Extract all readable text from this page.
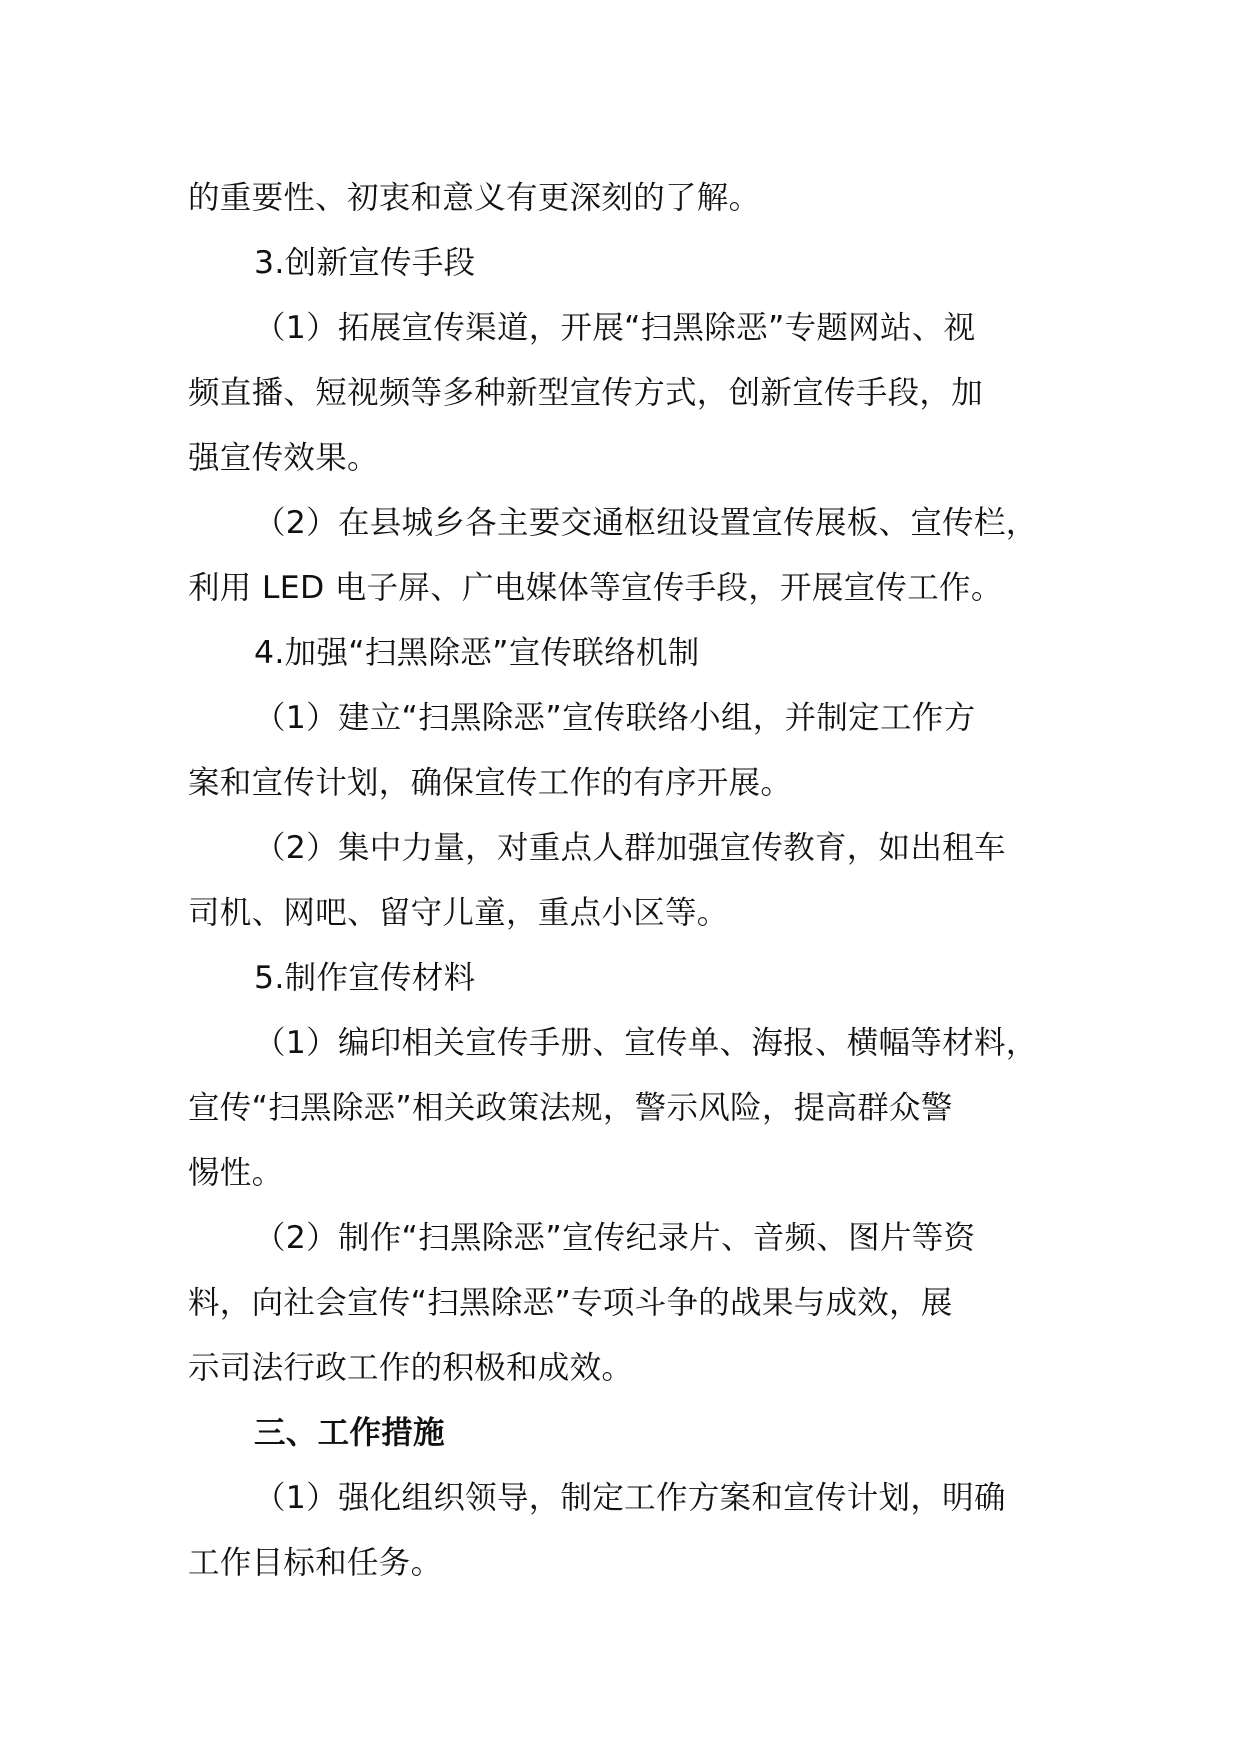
的重要性、初衷和意义有更深刻的了解。
3.创新宣传手段
（1）拓展宣传渠道，开展“扫黑除恶”专题网站、视
频直播、短视频等多种新型宣传方式，创新宣传手段，加
强宣传效果。
（2）在县城乡各主要交通枢纽设置宣传展板、宣传栏，
利用 LED 电子屏、广电媒体等宣传手段，开展宣传工作。
4.加强“扫黑除恶”宣传联络机制
（1）建立“扫黑除恶”宣传联络小组，并制定工作方
案和宣传计划，确保宣传工作的有序开展。
（2）集中力量，对重点人群加强宣传教育，如出租车
司机、网吧、留守儿童，重点小区等。
5.制作宣传材料
（1）编印相关宣传手册、宣传单、海报、横幅等材料，
宣传“扫黑除恶”相关政策法规，警示风险，提高群众警
惕性。
（2）制作“扫黑除恶”宣传纪录片、音频、图片等资
料，向社会宣传“扫黑除恶”专项斗争的战果与成效，展
示司法行政工作的积极和成效。
三、工作措施
（1）强化组织领导，制定工作方案和宣传计划，明确
工作目标和任务。
